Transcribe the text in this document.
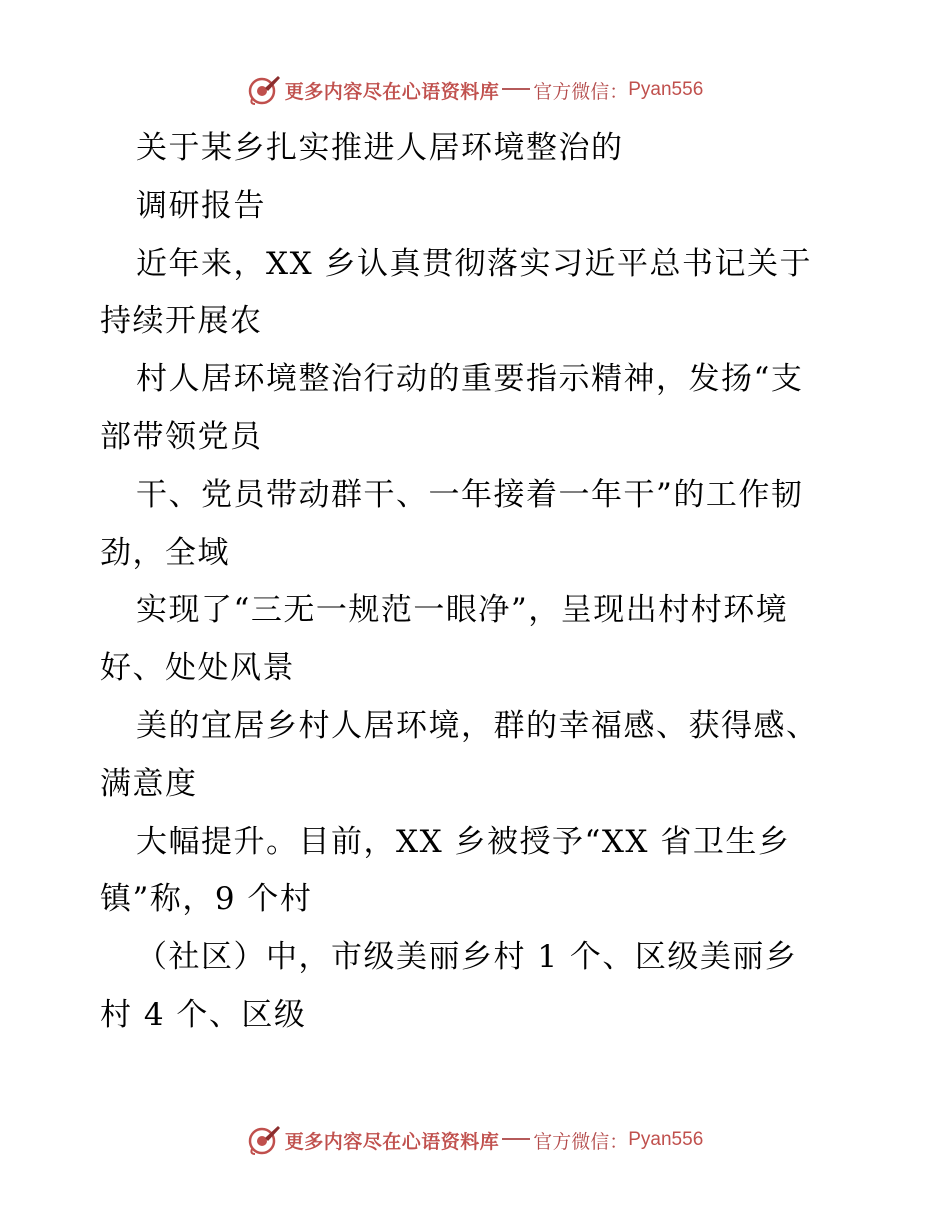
更多内容尽在心语资料库 官方微信： Pyan556
关于某乡扎实推进人居环境整治的
调研报告
近年来，XX 乡认真贯彻落实习近平总书记关于
持续开展农
村人居环境整治行动的重要指示精神，发扬“支
部带领党员
干、党员带动群干、一年接着一年干”的工作韧
劲，全域
实现了“三无一规范一眼净”，呈现出村村环境
好、处处风景
美的宜居乡村人居环境，群的幸福感、获得感、
满意度
大幅提升。目前，XX 乡被授予“XX 省卫生乡
镇”称，9 个村
（社区）中，市级美丽乡村 1 个、区级美丽乡
村 4 个、区级
更多内容尽在心语资料库 官方微信： Pyan556
